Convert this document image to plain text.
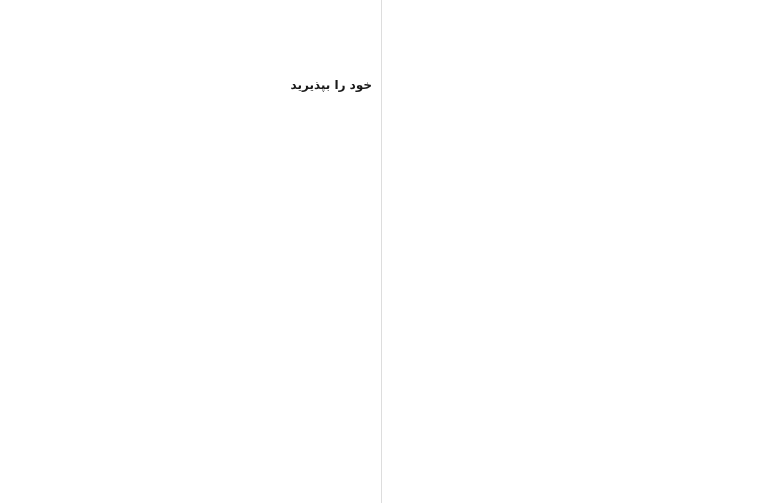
خود را بپذیرید
